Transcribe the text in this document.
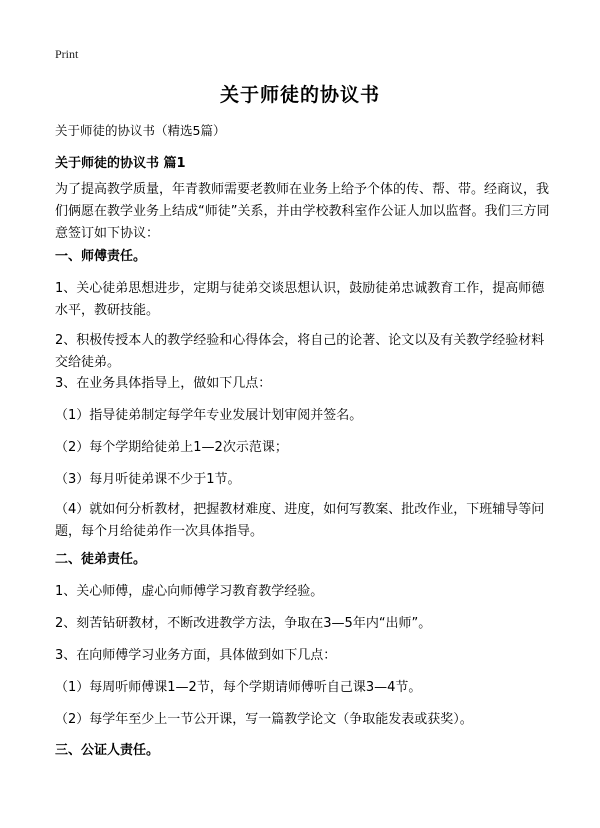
Print
关于师徒的协议书
关于师徒的协议书（精选5篇）
关于师徒的协议书 篇1

为了提高教学质量，年青教师需要老教师在业务上给予个体的传、帮、带。经商议，我们俩愿在教学业务上结成“师徒”关系，并由学校教科室作公证人加以监督。我们三方同意签订如下协议：

一、师傅责任。

1、关心徒弟思想进步，定期与徒弟交谈思想认识，鼓励徒弟忠诚教育工作，提高师德水平，教研技能。

2、积极传授本人的教学经验和心得体会，将自己的论著、论文以及有关教学经验材料交给徒弟。

3、在业务具体指导上，做如下几点：

（1）指导徒弟制定每学年专业发展计划审阅并签名。

（2）每个学期给徒弟上1—2次示范课；

（3）每月听徒弟课不少于1节。

（4）就如何分析教材，把握教材难度、进度，如何写教案、批改作业，下班辅导等问题，每个月给徒弟作一次具体指导。

二、徒弟责任。

1、关心师傅，虚心向师傅学习教育教学经验。

2、刻苦钻研教材，不断改进教学方法，争取在3—5年内“出师”。

3、在向师傅学习业务方面，具体做到如下几点：

（1）每周听师傅课1—2节，每个学期请师傅听自己课3—4节。

（2）每学年至少上一节公开课，写一篇教学论文（争取能发表或获奖）。

三、公证人责任。
